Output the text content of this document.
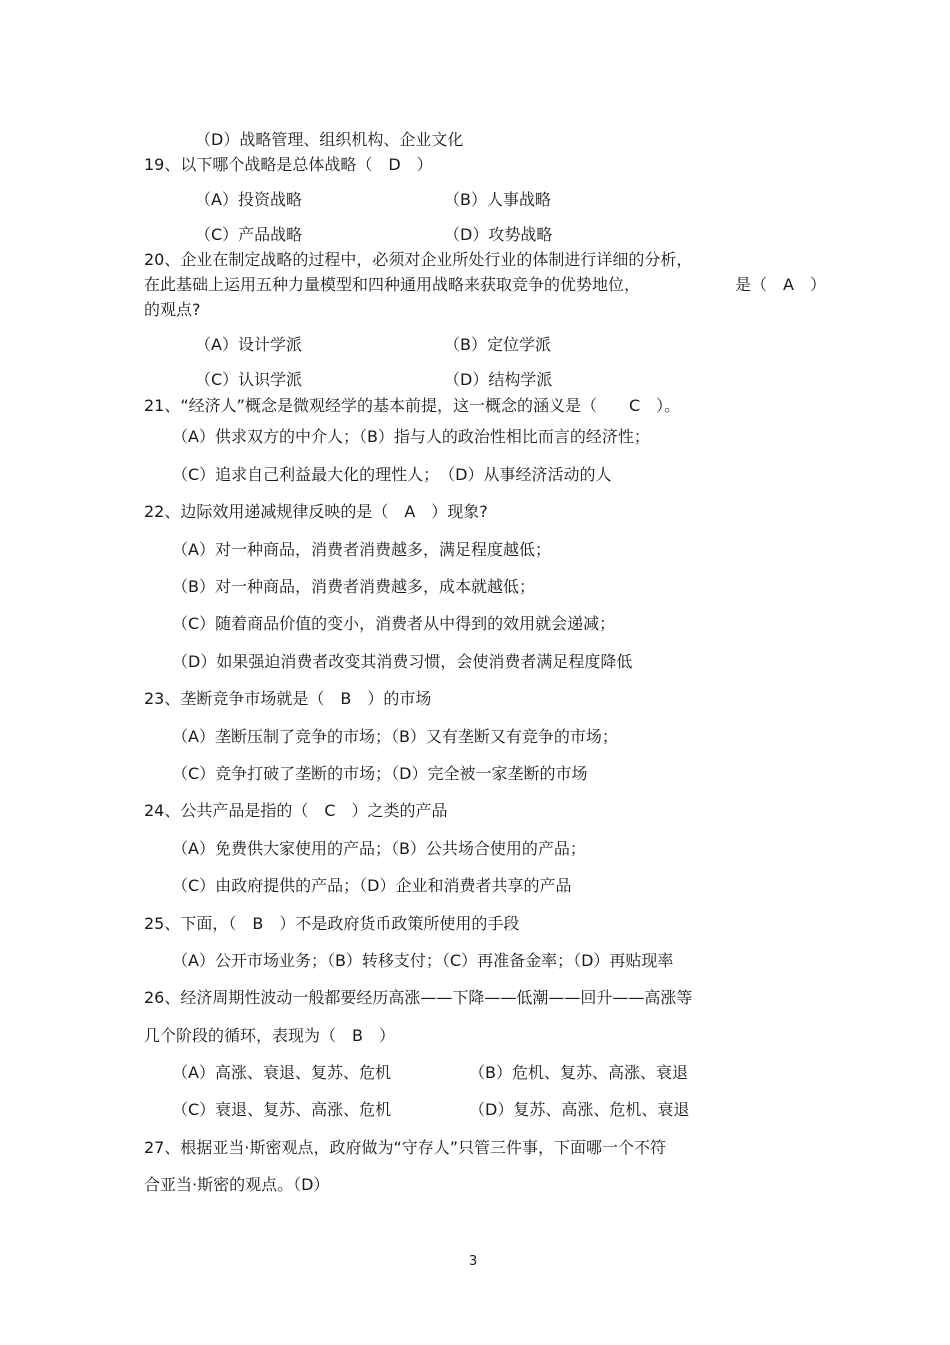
（D）战略管理、组织机构、企业文化
19、以下哪个战略是总体战略（　D　）
（A）投资战略	（B）人事战略
（C）产品战略	（D）攻势战略
20、企业在制定战略的过程中，必须对企业所处行业的体制进行详细的分析，
在此基础上运用五种力量模型和四种通用战略来获取竞争的优势地位，	是（　A　）
的观点?
（A）设计学派	（B）定位学派
（C）认识学派	（D）结构学派
21、“经济人”概念是微观经学的基本前提，这一概念的涵义是（　　C　）。
（A）供求双方的中介人；（B）指与人的政治性相比而言的经济性；
（C）追求自己利益最大化的理性人；　（D）从事经济活动的人
22、边际效用递减规律反映的是（　A　）现象?
（A）对一种商品，消费者消费越多，满足程度越低；
（B）对一种商品，消费者消费越多，成本就越低；
（C）随着商品价值的变小，消费者从中得到的效用就会递减；
（D）如果强迫消费者改变其消费习惯，会使消费者满足程度降低
23、垄断竞争市场就是（　B　）的市场
（A）垄断压制了竞争的市场；（B）又有垄断又有竞争的市场；
（C）竞争打破了垄断的市场；（D）完全被一家垄断的市场
24、公共产品是指的（　C　）之类的产品
（A）免费供大家使用的产品；（B）公共场合使用的产品；
（C）由政府提供的产品；（D）企业和消费者共享的产品
25、下面，（　B　）不是政府货币政策所使用的手段
（A）公开市场业务；（B）转移支付；（C）再准备金率；（D）再贴现率
26、经济周期性波动一般都要经历高涨——下降——低潮——回升——高涨等
几个阶段的循环，表现为（　B　）
（A）高涨、衰退、复苏、危机	（B）危机、复苏、高涨、衰退
（C）衰退、复苏、高涨、危机	（D）复苏、高涨、危机、衰退
27、根据亚当·斯密观点，政府做为“守存人”只管三件事，下面哪一个不符
合亚当·斯密的观点。（D）
3
